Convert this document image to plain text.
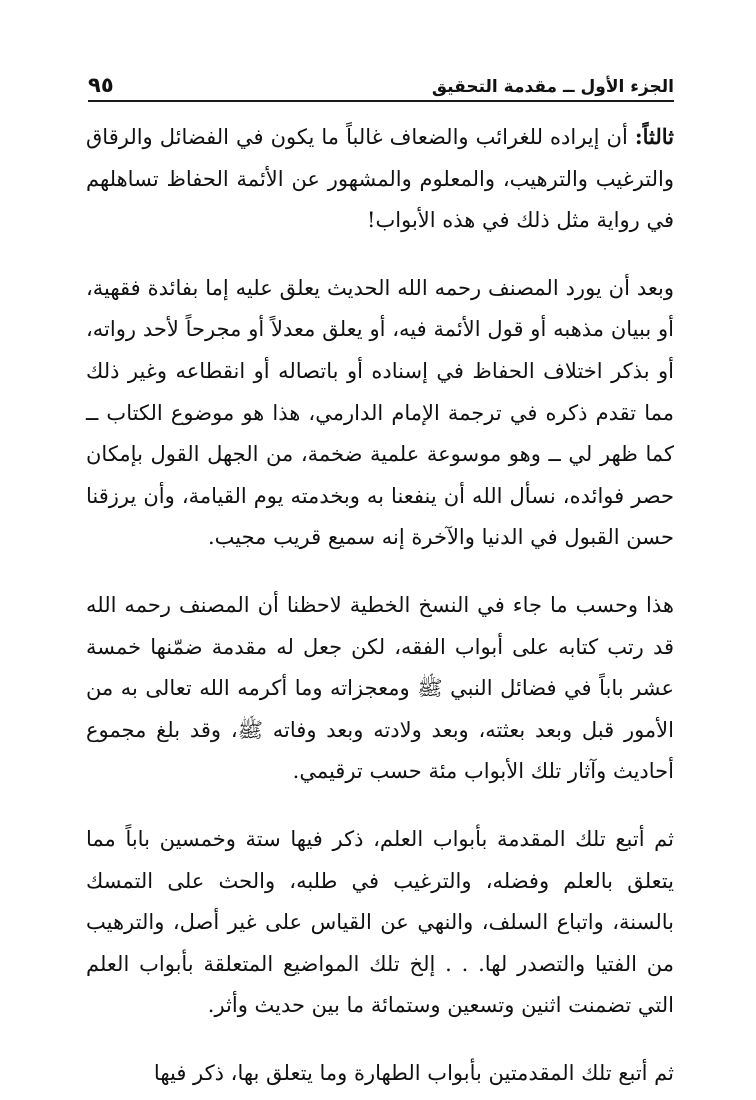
الجزء الأول ــ مقدمة التحقيق
٩٥

ثالثاً: أن إيراده للغرائب والضعاف غالباً ما يكون في الفضائل والرقاق والترغيب والترهيب، والمعلوم والمشهور عن الأئمة الحفاظ تساهلهم في رواية مثل ذلك في هذه الأبواب!

وبعد أن يورد المصنف رحمه الله الحديث يعلق عليه إما بفائدة فقهية، أو ببيان مذهبه أو قول الأئمة فيه، أو يعلق معدلاً أو مجرحاً لأحد رواته، أو بذكر اختلاف الحفاظ في إسناده أو باتصاله أو انقطاعه وغير ذلك مما تقدم ذكره في ترجمة الإمام الدارمي، هذا هو موضوع الكتاب ــ كما ظهر لي ــ وهو موسوعة علمية ضخمة، من الجهل القول بإمكان حصر فوائده، نسأل الله أن ينفعنا به وبخدمته يوم القيامة، وأن يرزقنا حسن القبول في الدنيا والآخرة إنه سميع قريب مجيب.

هذا وحسب ما جاء في النسخ الخطية لاحظنا أن المصنف رحمه الله قد رتب كتابه على أبواب الفقه، لكن جعل له مقدمة ضمّنها خمسة عشر باباً في فضائل النبي ﷺ ومعجزاته وما أكرمه الله تعالى به من الأمور قبل وبعد بعثته، وبعد ولادته وبعد وفاته ﷺ، وقد بلغ مجموع أحاديث وآثار تلك الأبواب مئة حسب ترقيمي.

ثم أتبع تلك المقدمة بأبواب العلم، ذكر فيها ستة وخمسين باباً مما يتعلق بالعلم وفضله، والترغيب في طلبه، والحث على التمسك بالسنة، واتباع السلف، والنهي عن القياس على غير أصل، والترهيب من الفتيا والتصدر لها. . . إلخ تلك المواضيع المتعلقة بأبواب العلم التي تضمنت اثنين وتسعين وستمائة ما بين حديث وأثر.

ثم أتبع تلك المقدمتين بأبواب الطهارة وما يتعلق بها، ذكر فيها
